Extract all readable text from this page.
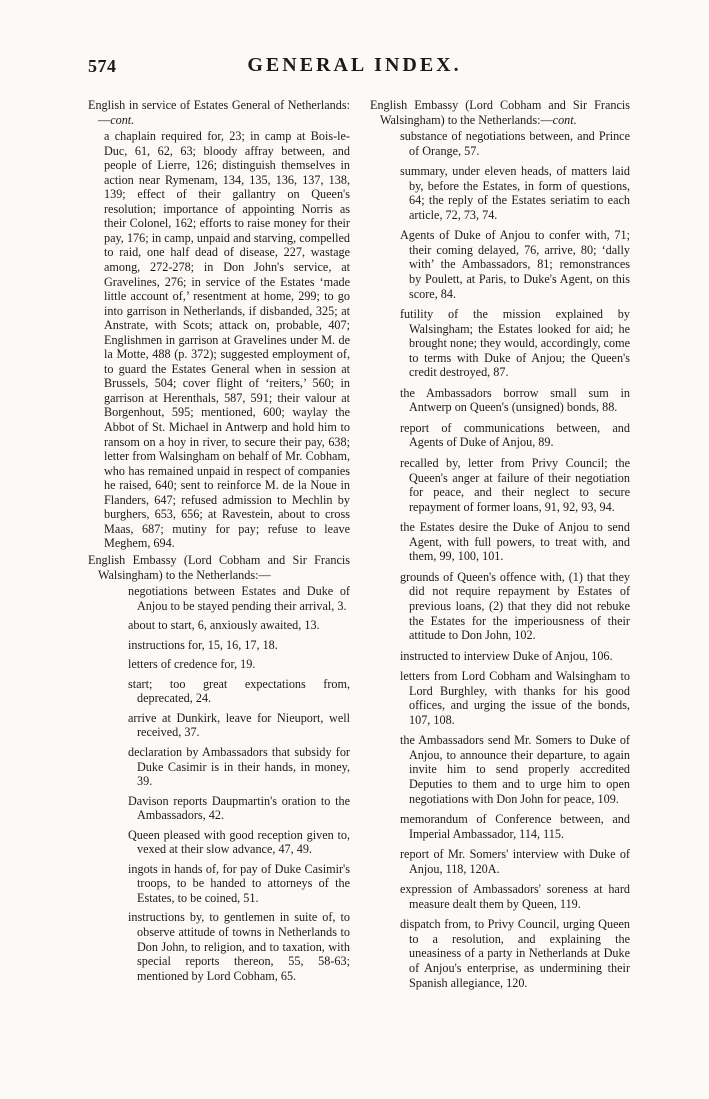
574	GENERAL INDEX.

English in service of Estates General of Netherlands:—cont.

a chaplain required for, 23; in camp at Bois-le-Duc, 61, 62, 63; bloody affray between, and people of Lierre, 126; distinguish themselves in action near Rymenam, 134, 135, 136, 137, 138, 139; effect of their gallantry on Queen's resolution; importance of appointing Norris as their Colonel, 162; efforts to raise money for their pay, 176; in camp, unpaid and starving, compelled to raid, one half dead of disease, 227, wastage among, 272-278; in Don John's service, at Gravelines, 276; in service of the Estates ‘made little account of,’ resentment at home, 299; to go into garrison in Netherlands, if disbanded, 325; at Anstrate, with Scots; attack on, probable, 407; Englishmen in garrison at Gravelines under M. de la Motte, 488 (p. 372); suggested employment of, to guard the Estates General when in session at Brussels, 504; cover flight of ‘reiters,’ 560; in garrison at Herenthals, 587, 591; their valour at Borgenhout, 595; mentioned, 600; waylay the Abbot of St. Michael in Antwerp and hold him to ransom on a hoy in river, to secure their pay, 638; letter from Walsingham on behalf of Mr. Cobham, who has remained unpaid in respect of companies he raised, 640; sent to reinforce M. de la Noue in Flanders, 647; refused admission to Mechlin by burghers, 653, 656; at Ravestein, about to cross Maas, 687; mutiny for pay; refuse to leave Meghem, 694.

English Embassy (Lord Cobham and Sir Francis Walsingham) to the Netherlands:—

negotiations between Estates and Duke of Anjou to be stayed pending their arrival, 3.

about to start, 6, anxiously awaited, 13.

instructions for, 15, 16, 17, 18.

letters of credence for, 19.

start; too great expectations from, deprecated, 24.

arrive at Dunkirk, leave for Nieuport, well received, 37.

declaration by Ambassadors that subsidy for Duke Casimir is in their hands, in money, 39.

Davison reports Daupmartin's oration to the Ambassadors, 42.

Queen pleased with good reception given to, vexed at their slow advance, 47, 49.

ingots in hands of, for pay of Duke Casimir's troops, to be handed to attorneys of the Estates, to be coined, 51.

instructions by, to gentlemen in suite of, to observe attitude of towns in Netherlands to Don John, to religion, and to taxation, with special reports thereon, 55, 58-63; mentioned by Lord Cobham, 65.

English Embassy (Lord Cobham and Sir Francis Walsingham) to the Netherlands:—cont.

substance of negotiations between, and Prince of Orange, 57.

summary, under eleven heads, of matters laid by, before the Estates, in form of questions, 64; the reply of the Estates seriatim to each article, 72, 73, 74.

Agents of Duke of Anjou to confer with, 71; their coming delayed, 76, arrive, 80; ‘dally with’ the Ambassadors, 81; remonstrances by Poulett, at Paris, to Duke's Agent, on this score, 84.

futility of the mission explained by Walsingham; the Estates looked for aid; he brought none; they would, accordingly, come to terms with Duke of Anjou; the Queen's credit destroyed, 87.

the Ambassadors borrow small sum in Antwerp on Queen's (unsigned) bonds, 88.

report of communications between, and Agents of Duke of Anjou, 89.

recalled by, letter from Privy Council; the Queen's anger at failure of their negotiation for peace, and their neglect to secure repayment of former loans, 91, 92, 93, 94.

the Estates desire the Duke of Anjou to send Agent, with full powers, to treat with, and them, 99, 100, 101.

grounds of Queen's offence with, (1) that they did not require repayment by Estates of previous loans, (2) that they did not rebuke the Estates for the imperiousness of their attitude to Don John, 102.

instructed to interview Duke of Anjou, 106.

letters from Lord Cobham and Walsingham to Lord Burghley, with thanks for his good offices, and urging the issue of the bonds, 107, 108.

the Ambassadors send Mr. Somers to Duke of Anjou, to announce their departure, to again invite him to send properly accredited Deputies to them and to urge him to open negotiations with Don John for peace, 109.

memorandum of Conference between, and Imperial Ambassador, 114, 115.

report of Mr. Somers' interview with Duke of Anjou, 118, 120A.

expression of Ambassadors' soreness at hard measure dealt them by Queen, 119.

dispatch from, to Privy Council, urging Queen to a resolution, and explaining the uneasiness of a party in Netherlands at Duke of Anjou's enterprise, as undermining their Spanish allegiance, 120.
